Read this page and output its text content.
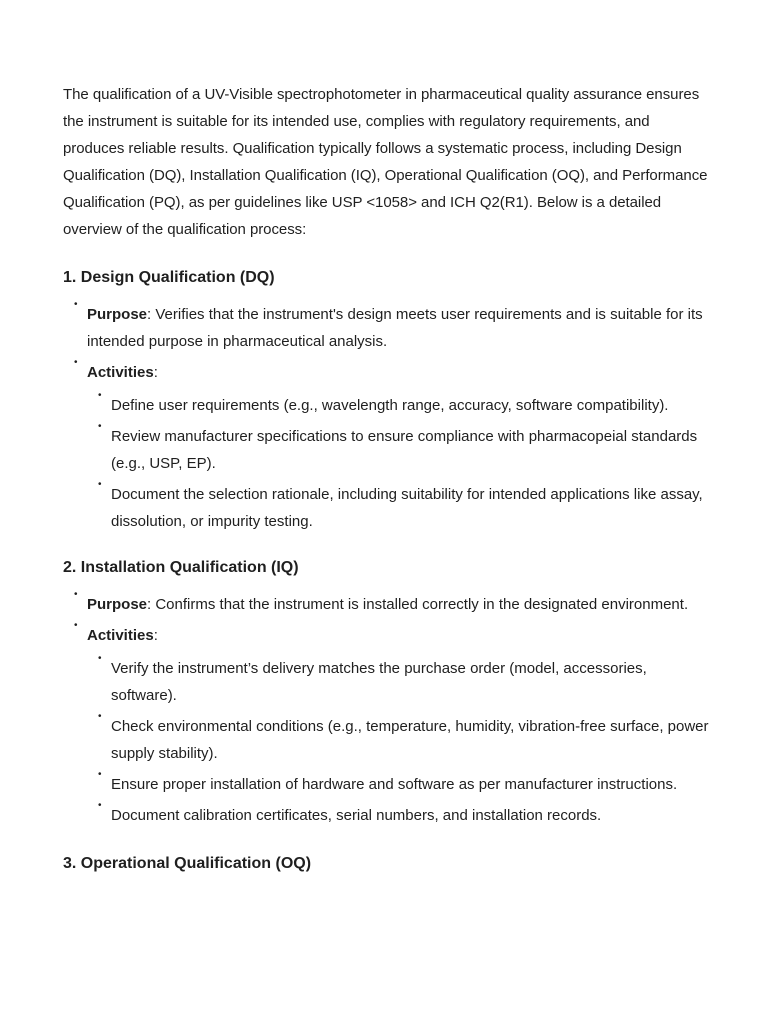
The qualification of a UV-Visible spectrophotometer in pharmaceutical quality assurance ensures the instrument is suitable for its intended use, complies with regulatory requirements, and produces reliable results. Qualification typically follows a systematic process, including Design Qualification (DQ), Installation Qualification (IQ), Operational Qualification (OQ), and Performance Qualification (PQ), as per guidelines like USP <1058> and ICH Q2(R1). Below is a detailed overview of the qualification process:

1. Design Qualification (DQ)
•
Purpose: Verifies that the instrument's design meets user requirements and is suitable for its intended purpose in pharmaceutical analysis.
•
Activities:
•
Define user requirements (e.g., wavelength range, accuracy, software compatibility).
•
Review manufacturer specifications to ensure compliance with pharmacopeial standards (e.g., USP, EP).
•
Document the selection rationale, including suitability for intended applications like assay, dissolution, or impurity testing.
2. Installation Qualification (IQ)
•
Purpose: Confirms that the instrument is installed correctly in the designated environment.
•
Activities:
•
Verify the instrument’s delivery matches the purchase order (model, accessories, software).
•
Check environmental conditions (e.g., temperature, humidity, vibration-free surface, power supply stability).
•
Ensure proper installation of hardware and software as per manufacturer instructions.
•
Document calibration certificates, serial numbers, and installation records.
3. Operational Qualification (OQ)
